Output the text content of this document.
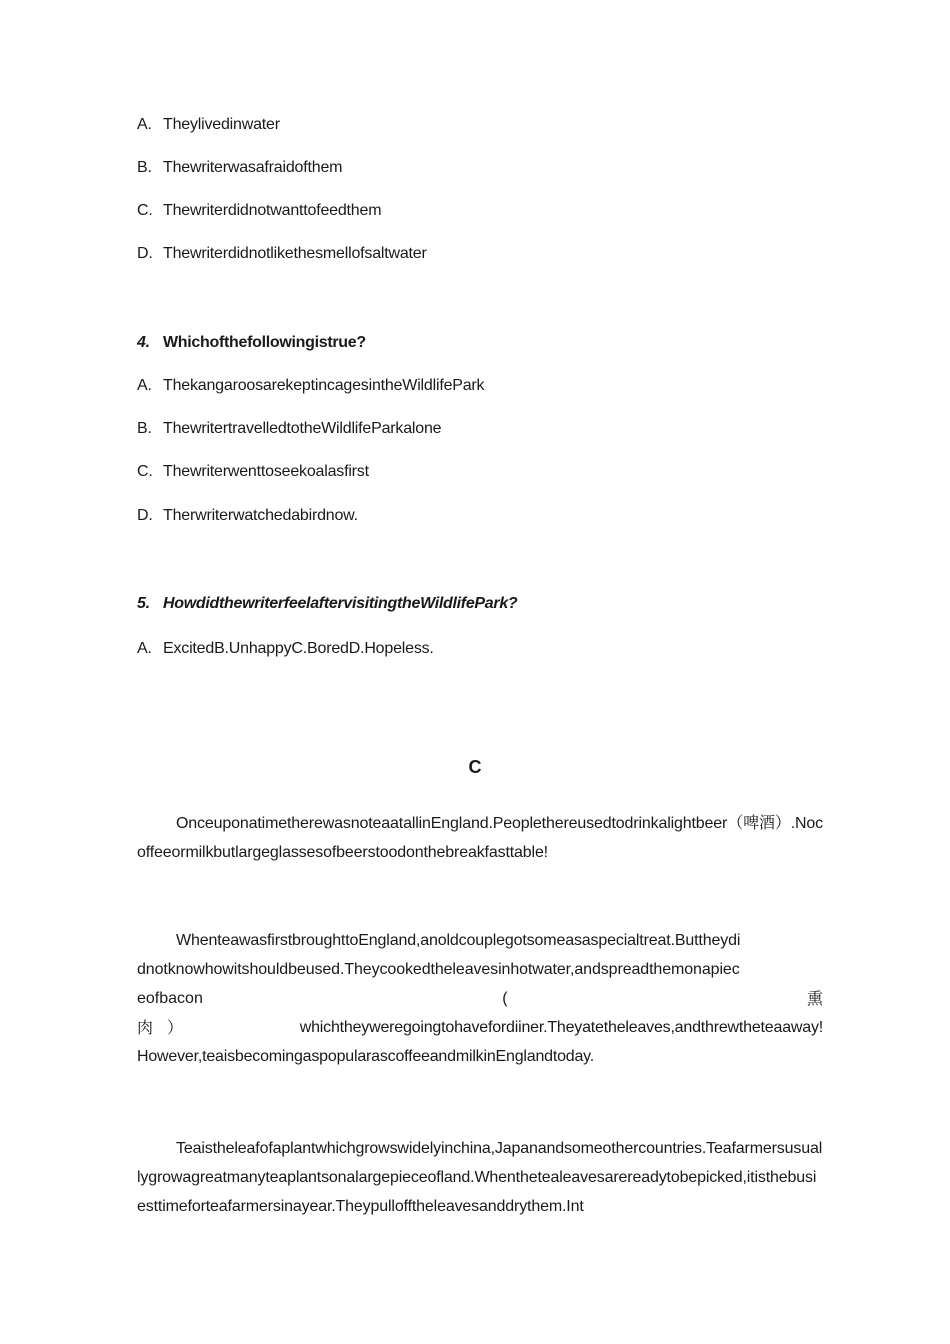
A. Theylivedinwater
B. Thewriterwasafraidofthem
C. Thewriterdidnotwanttofeedthem
D. Thewriterdidnotlikethesmellofsaltwater
4. Whichofthefollowingistrue?
A. ThekangaroosarekeptincagesintheWildlifePark
B. ThewritertravelledtotheWildlifeParkalone
C. Thewriterwenttoseekoalasfirst
D. Therwriterwatchedabirdnow.
5. HowdidthewriterfeelaftervisitingtheWildlifePark?
A. ExcitedB.UnhappyC.BoredD.Hopeless.
C
OnceuponatimetherewasnoteaatallinEngland.Peoplethereusedtodrinkalightbeer（啤酒）.Nocoffeeormilkbutlargeglassesofbeerstoodonthebreakfasttable!
WhenteawasfirstbroughttoEngland,anoldcouplegotsomeasaspecialtreat.Buttheydi
dnotknowhowitshouldbeused.Theycookedtheleavesinhotwater,andspreadthemonapiec
eofbacon	(	熏
肉 ）	whichtheyweregoingtohavefordiiner.Theyatetheleaves,andthrewtheteaaway!
However,teaisbecomingaspopularascoffeeandmilkinEnglandtoday.
Teaistheleafofaplantwhichgrowswidelyinchina,Japanandsomeothercountries.Teafarmersusuallygrowagreatmanyteaplantsonalargepieceofland.Whenthetealeavesarereadytobepicked,itisthebusiesttimeforteafarmersinayear.Theypullofftheleavesanddrythem.Int
